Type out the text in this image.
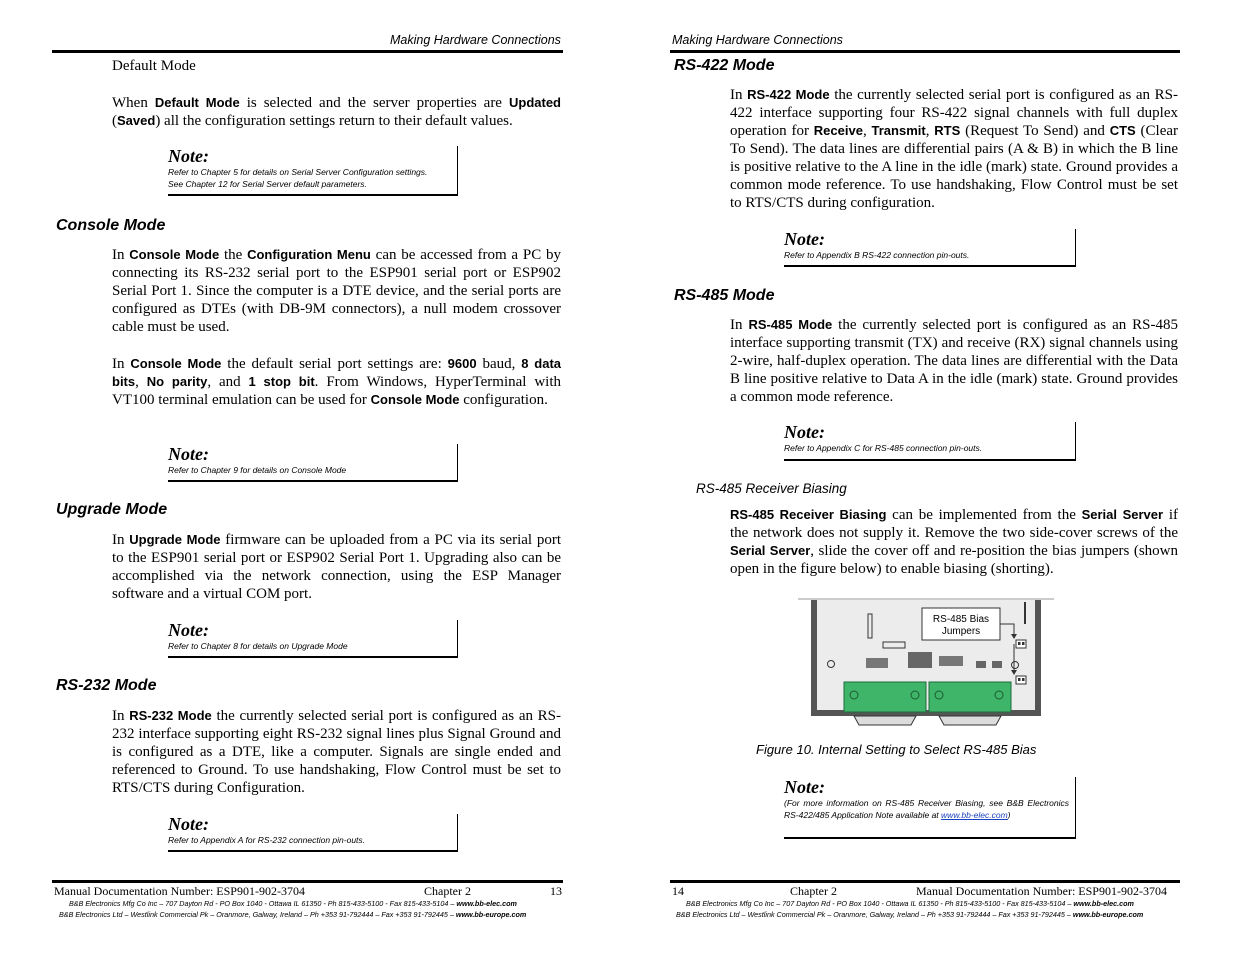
Making Hardware Connections
Default Mode

When Default Mode is selected and the server properties are Updated (Saved) all the configuration settings return to their default values.

Note:
Refer to Chapter 5 for details on Serial Server Configuration settings.
See Chapter 12 for Serial Server default parameters.
Console Mode

In Console Mode the Configuration Menu can be accessed from a PC by connecting its RS-232 serial port to the ESP901 serial port or ESP902 Serial Port 1. Since the computer is a DTE device, and the serial ports are configured as DTEs (with DB-9M connectors), a null modem crossover cable must be used.

In Console Mode the default serial port settings are: 9600 baud, 8 data bits, No parity, and 1 stop bit. From Windows, HyperTerminal with VT100 terminal emulation can be used for Console Mode configuration.

Note:
Refer to Chapter 9 for details on Console Mode
Upgrade Mode

In Upgrade Mode firmware can be uploaded from a PC via its serial port to the ESP901 serial port or ESP902 Serial Port 1. Upgrading also can be accomplished via the network connection, using the ESP Manager software and a virtual COM port.

Note:
Refer to Chapter 8 for details on Upgrade Mode
RS-232 Mode

In RS-232 Mode the currently selected serial port is configured as an RS-232 interface supporting eight RS-232 signal lines plus Signal Ground and is configured as a DTE, like a computer. Signals are single ended and referenced to Ground. To use handshaking, Flow Control must be set to RTS/CTS during Configuration.

Note:
Refer to Appendix A for RS-232 connection pin-outs.
Manual Documentation Number: ESP901-902-3704	Chapter 2	13
B&B Electronics Mfg Co Inc – 707 Dayton Rd - PO Box 1040 - Ottawa IL 61350 - Ph 815-433-5100 - Fax 815-433-5104 – www.bb-elec.com
B&B Electronics Ltd – Westlink Commercial Pk – Oranmore, Galway, Ireland – Ph +353 91-792444 – Fax +353 91-792445 – www.bb-europe.com
Making Hardware Connections
RS-422 Mode

In RS-422 Mode the currently selected serial port is configured as an RS-422 interface supporting four RS-422 signal channels with full duplex operation for Receive, Transmit, RTS (Request To Send) and CTS (Clear To Send). The data lines are differential pairs (A & B) in which the B line is positive relative to the A line in the idle (mark) state. Ground provides a common mode reference. To use handshaking, Flow Control must be set to RTS/CTS during configuration.

Note:
Refer to Appendix B RS-422 connection pin-outs.
RS-485 Mode

In RS-485 Mode the currently selected port is configured as an RS-485 interface supporting transmit (TX) and receive (RX) signal channels using 2-wire, half-duplex operation. The data lines are differential with the Data B line positive relative to Data A in the idle (mark) state. Ground provides a common mode reference.

Note:
Refer to Appendix C for RS-485 connection pin-outs.
RS-485 Receiver Biasing

RS-485 Receiver Biasing can be implemented from the Serial Server if the network does not supply it. Remove the two side-cover screws of the Serial Server, slide the cover off and re-position the bias jumpers (shown open in the figure below) to enable biasing (shorting).

Figure 10. Internal Setting to Select RS-485 Bias
Note:
(For more information on RS-485 Receiver Biasing, see B&B Electronics RS-422/485 Application Note available at www.bb-elec.com)
14	Chapter 2	Manual Documentation Number: ESP901-902-3704
B&B Electronics Mfg Co Inc – 707 Dayton Rd - PO Box 1040 - Ottawa IL 61350 - Ph 815-433-5100 - Fax 815-433-5104 – www.bb-elec.com
B&B Electronics Ltd – Westlink Commercial Pk – Oranmore, Galway, Ireland – Ph +353 91-792444 – Fax +353 91-792445 – www.bb-europe.com
RS-485 Bias
Jumpers
